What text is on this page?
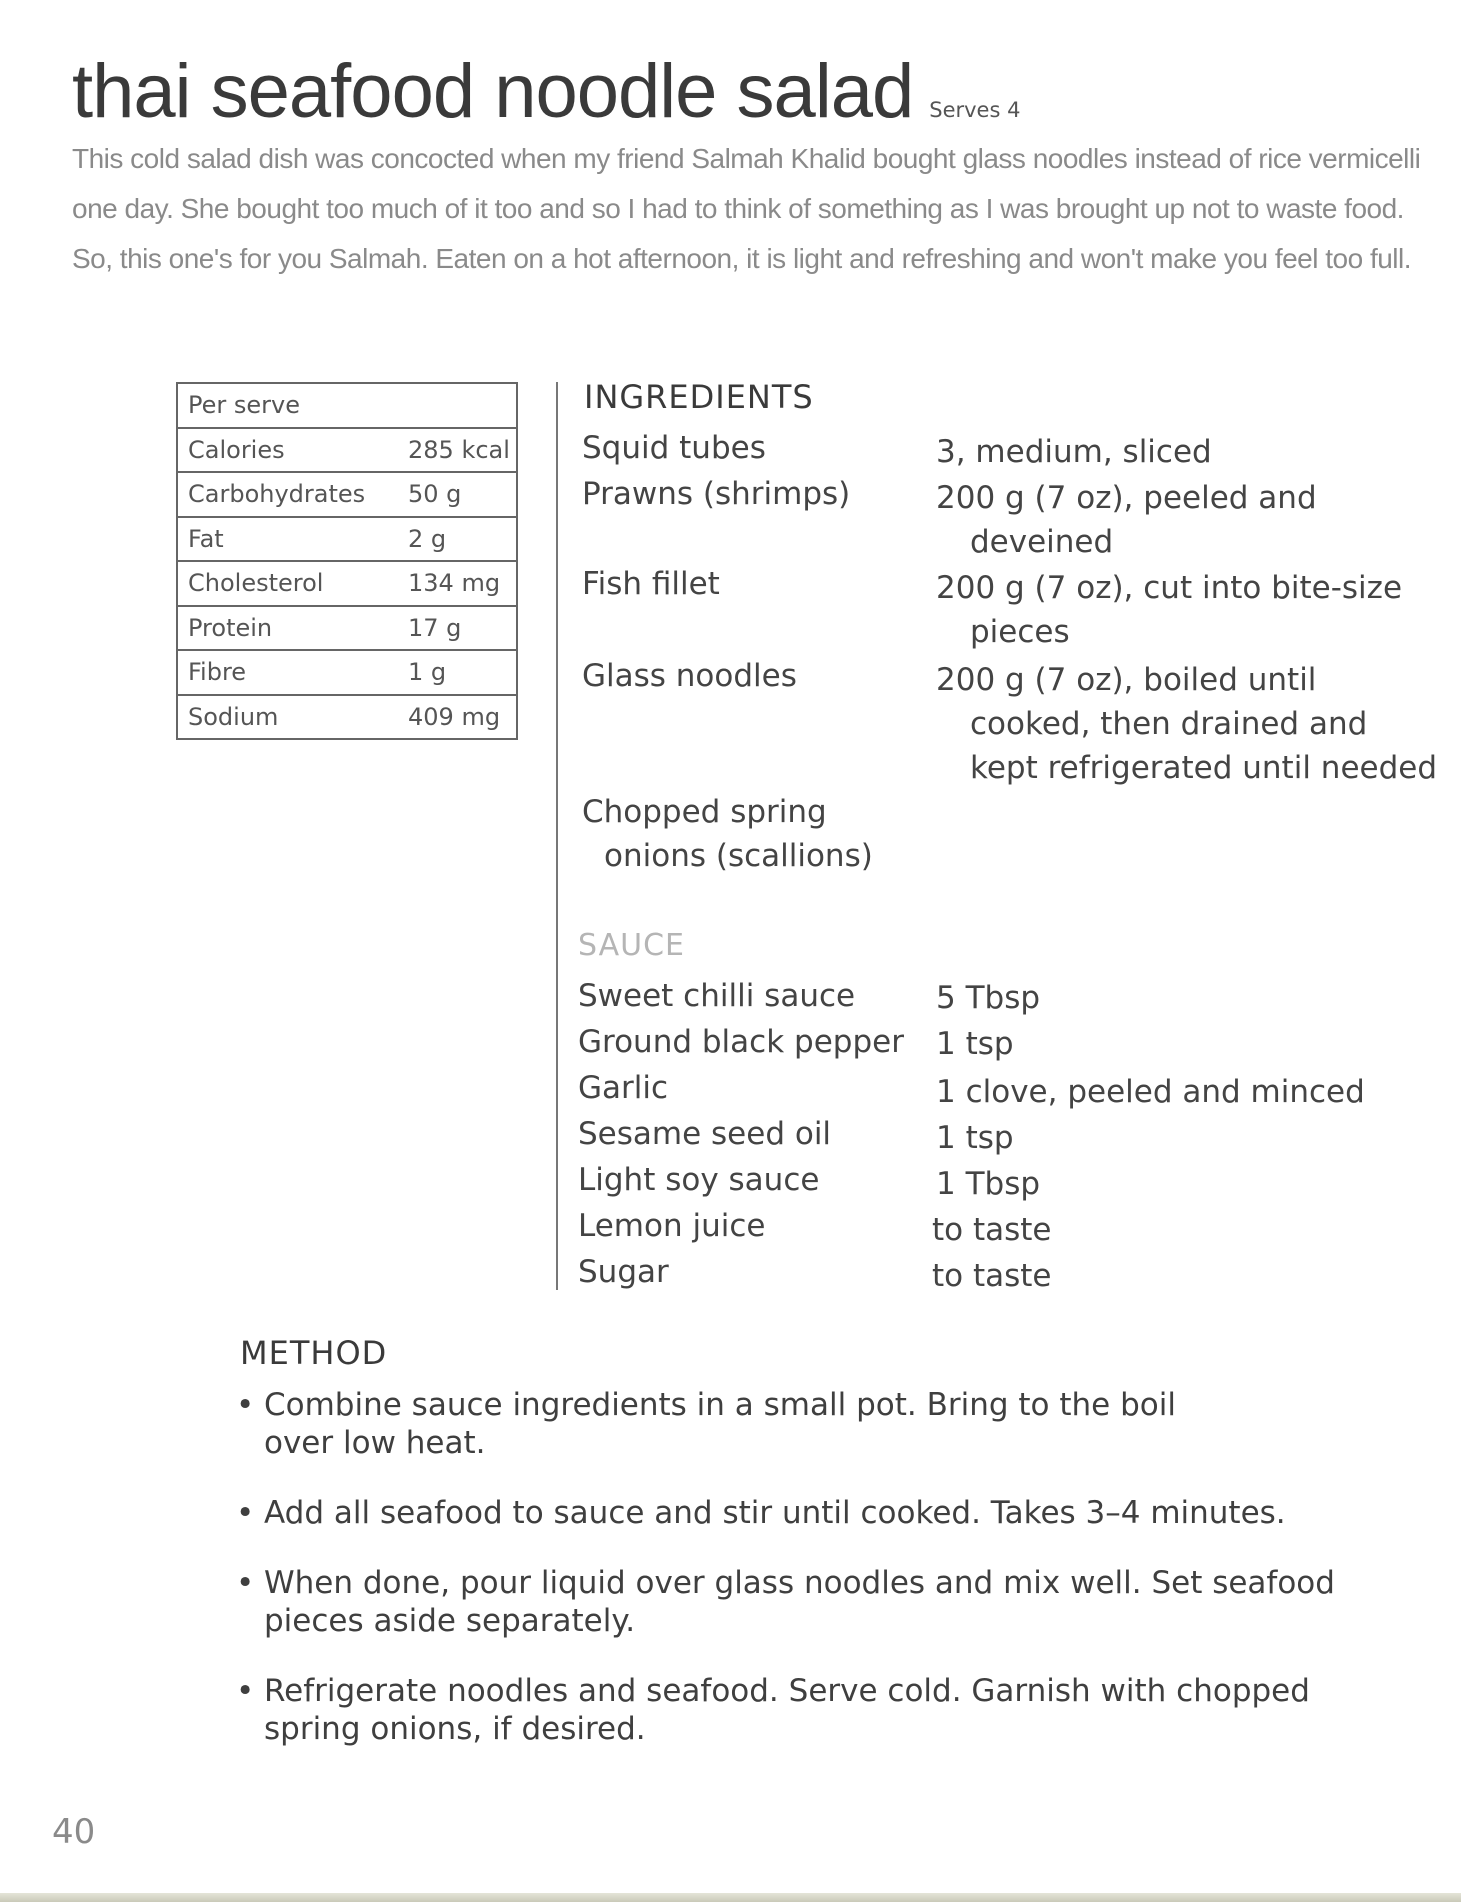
thai seafood noodle salad Serves 4
This cold salad dish was concocted when my friend Salmah Khalid bought glass noodles instead of rice vermicelli one day. She bought too much of it too and so I had to think of something as I was brought up not to waste food. So, this one's for you Salmah. Eaten on a hot afternoon, it is light and refreshing and won't make you feel too full.
Per serve	
Calories	285 kcal
Carbohydrates	50 g
Fat	2 g
Cholesterol	134 mg
Protein	17 g
Fibre	1 g
Sodium	409 mg
INGREDIENTS
Squid tubes	3, medium, sliced
Prawns (shrimps)	200 g (7 oz), peeled and
deveined
Fish fillet	200 g (7 oz), cut into bite-size
pieces
Glass noodles	200 g (7 oz), boiled until
cooked, then drained and
kept refrigerated until needed
Chopped spring
onions (scallions)
SAUCE
Sweet chilli sauce	5 Tbsp
Ground black pepper 1 tsp
Garlic	1 clove, peeled and minced
Sesame seed oil	1 tsp
Light soy sauce	1 Tbsp
Lemon juice	to taste
Sugar	to taste
METHOD
• Combine sauce ingredients in a small pot. Bring to the boil
over low heat.
• Add all seafood to sauce and stir until cooked. Takes 3–4 minutes.
• When done, pour liquid over glass noodles and mix well. Set seafood
pieces aside separately.
• Refrigerate noodles and seafood. Serve cold. Garnish with chopped
spring onions, if desired.
40
